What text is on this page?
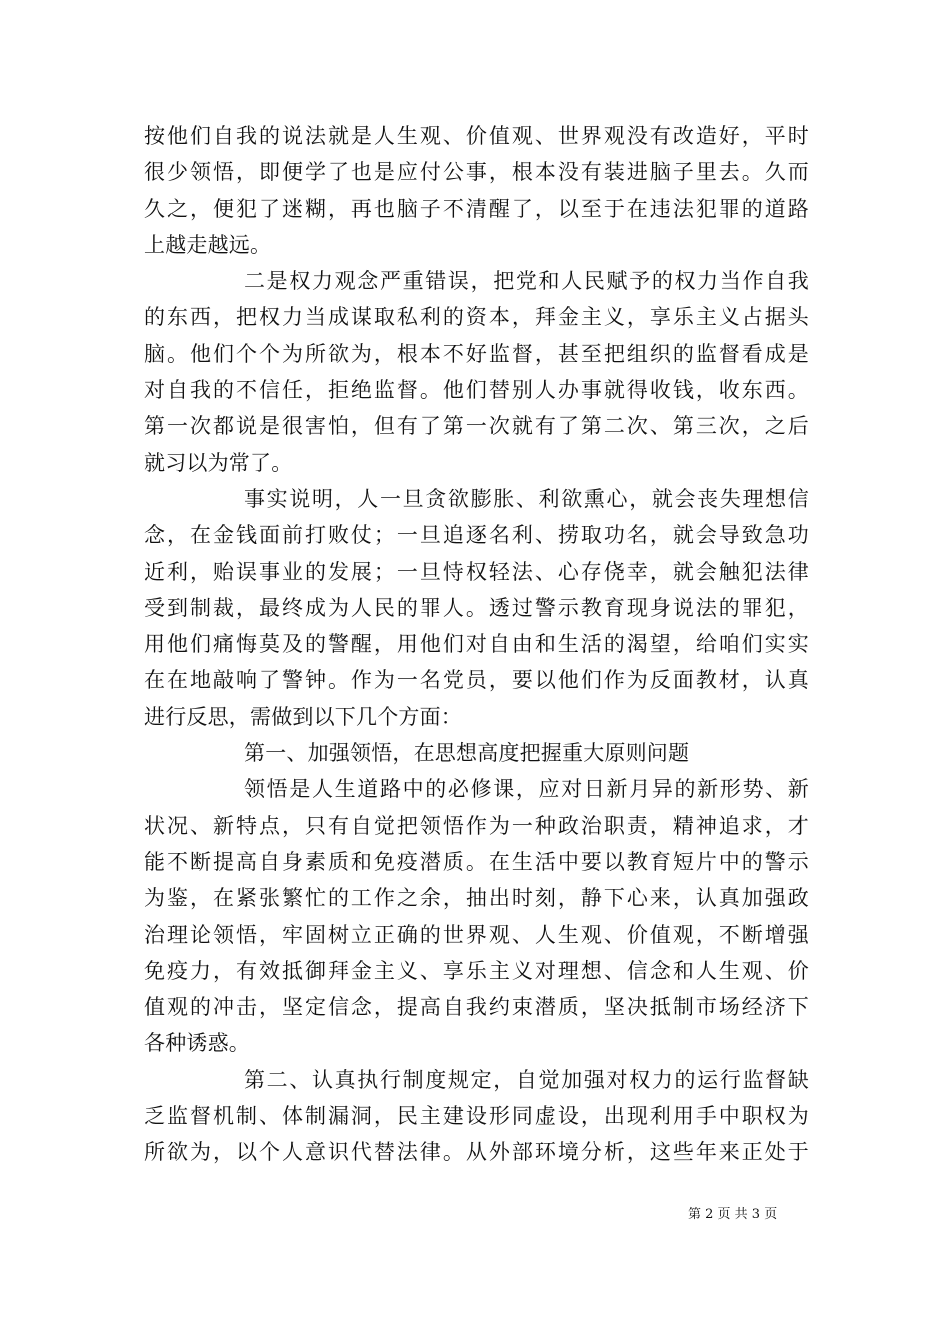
按他们自我的说法就是人生观、价值观、世界观没有改造好，平时
很少领悟，即便学了也是应付公事，根本没有装进脑子里去。久而
久之，便犯了迷糊，再也脑子不清醒了，以至于在违法犯罪的道路
上越走越远。

二是权力观念严重错误，把党和人民赋予的权力当作自我
的东西，把权力当成谋取私利的资本，拜金主义，享乐主义占据头
脑。他们个个为所欲为，根本不好监督，甚至把组织的监督看成是
对自我的不信任，拒绝监督。他们替别人办事就得收钱，收东西。
第一次都说是很害怕，但有了第一次就有了第二次、第三次，之后
就习以为常了。

事实说明，人一旦贪欲膨胀、利欲熏心，就会丧失理想信
念，在金钱面前打败仗；一旦追逐名利、捞取功名，就会导致急功
近利，贻误事业的发展；一旦恃权轻法、心存侥幸，就会触犯法律
受到制裁，最终成为人民的罪人。透过警示教育现身说法的罪犯，
用他们痛悔莫及的警醒，用他们对自由和生活的渴望，给咱们实实
在在地敲响了警钟。作为一名党员，要以他们作为反面教材，认真
进行反思，需做到以下几个方面：

第一、加强领悟，在思想高度把握重大原则问题

领悟是人生道路中的必修课，应对日新月异的新形势、新
状况、新特点，只有自觉把领悟作为一种政治职责，精神追求，才
能不断提高自身素质和免疫潜质。在生活中要以教育短片中的警示
为鉴，在紧张繁忙的工作之余，抽出时刻，静下心来，认真加强政
治理论领悟，牢固树立正确的世界观、人生观、价值观，不断增强
免疫力，有效抵御拜金主义、享乐主义对理想、信念和人生观、价
值观的冲击，坚定信念，提高自我约束潜质，坚决抵制市场经济下
各种诱惑。

第二、认真执行制度规定，自觉加强对权力的运行监督缺
乏监督机制、体制漏洞，民主建设形同虚设，出现利用手中职权为
所欲为，以个人意识代替法律。从外部环境分析，这些年来正处于

第 2 页 共 3 页
